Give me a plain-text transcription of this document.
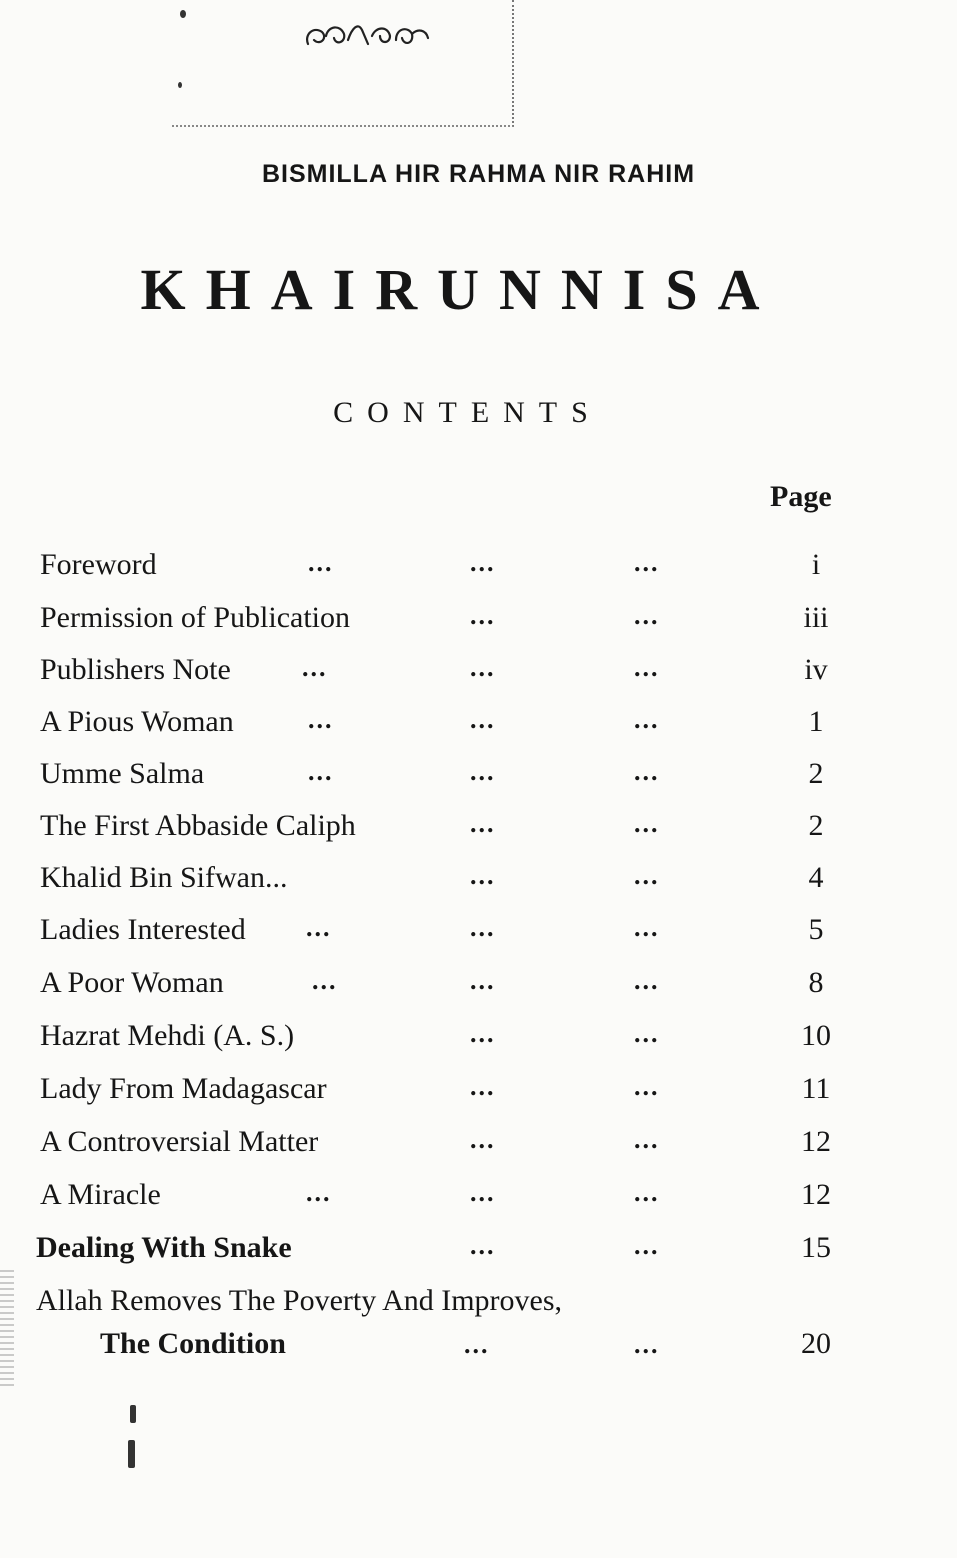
BISMILLA HIR RAHMA NIR RAHIM
KHAIRUNNISA
CONTENTS
Page
Foreword	...	...	...	i
Permission of Publication	...	...	iii
Publishers Note	...	...	...	iv
A Pious Woman	...	...	...	1
Umme Salma	...	...	...	2
The First Abbaside Caliph	...	...	2
Khalid Bin Sifwan...	...	...	4
Ladies Interested ...	...	...	5
A Poor Woman	...	...	...	8
Hazrat Mehdi (A. S.)	...	...	10
Lady From Madagascar	...	...	11
A Controversial Matter	...	...	12
A Miracle	...	...	...	12
Dealing With Snake	...	...	15
Allah Removes The Poverty And Improves,
The Condition	...	...	20
